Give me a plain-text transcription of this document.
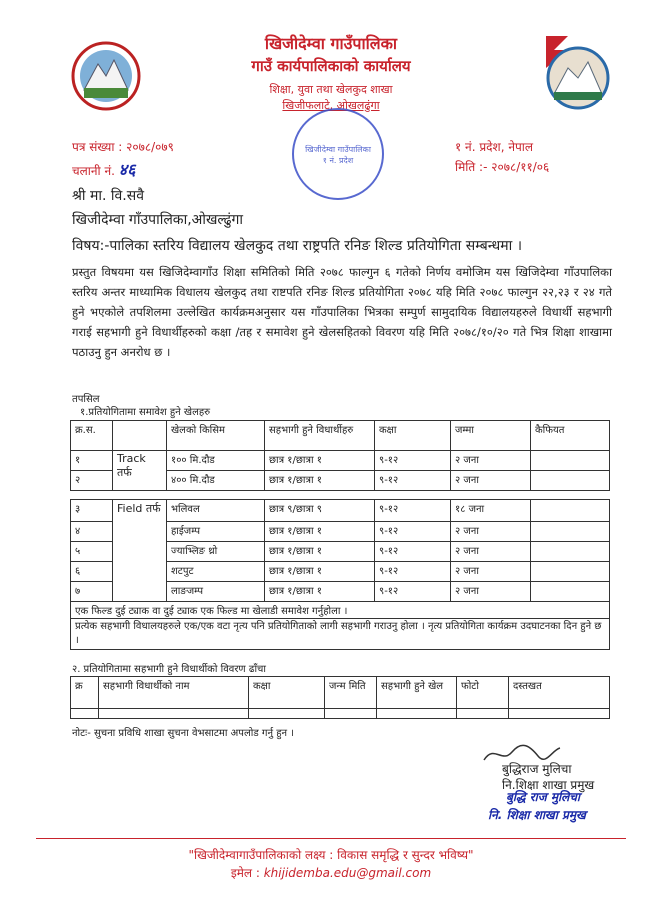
खिजीदेम्वा गाउँपालिका
गाउँ कार्यपालिकाको कार्यालय
शिक्षा, युवा तथा खेलकुद शाखा
खिजीफलाटे, ओखलढुंगा
पत्र संख्या : २०७८/०७९
चलानी नं. ४६
१ नं. प्रदेश, नेपाल
मिति :- २०७८/११/०६
खिजीदेम्वा गाउँपालिका
१ नं. प्रदेश
श्री मा. वि.सवै
खिजीदेम्वा गाँउपालिका,ओखल्ढुंगा
विषय:-पालिका स्तरिय विद्यालय खेलकुद तथा राष्ट्रपति रनिङ शिल्ड प्रतियोगिता सम्बन्धमा ।
प्रस्तुत विषयमा यस खिजिदेम्वागाँउ शिक्षा समितिको मिति २०७८ फाल्गुन ६ गतेको निर्णय वमोजिम यस खिजिदेम्वा गाँउपालिका स्तरिय अन्तर माध्यामिक विधालय खेलकुद तथा राष्टपति रनिङ शिल्ड प्रतियोगिता २०७८ यहि मिति २०७८ फाल्गुन २२,२३ र २४ गते हुने भएकोले तपशिलमा उल्लेखित कार्यक्रमअनुसार यस गाँउपालिका भित्रका सम्पुर्ण सामुदायिक विद्यालयहरुले विधार्थी सहभागी गराई सहभागी हुने विधार्थीहरुको कक्षा /तह र समावेश हुने खेलसहितको विवरण यहि मिति २०७८/१०/२० गते भित्र शिक्षा शाखामा पठाउनु हुन अनरोध छ ।
तपसिल
१.प्रतियोगितामा समावेश हुने खेलहरु
क्र.स.		खेलको किसिम	सहभागी हुने विधार्थीहरु	कक्षा	जम्मा	कैफियत
१	Track तर्फ	१०० मि.दौड	छात्र १/छात्रा १	९-१२	२ जना	
२		४०० मि.दौड	छात्र १/छात्रा १	९-१२	२ जना	

३	Field तर्फ	भलिवल	छात्र ९/छात्रा ९	९-१२	१८ जना	
४		हाईजम्प	छात्र १/छात्रा १	९-१२	२ जना	
५		ज्याभ्लिङ थ्रो	छात्र १/छात्रा १	९-१२	२ जना	
६		शटपुट	छात्र १/छात्रा १	९-१२	२ जना	
७		लाङजम्प	छात्र १/छात्रा १	९-१२	२ जना	
एक फिल्ड दुई ट्याक वा दुई ट्याक एक फिल्ड मा खेलाडी समावेश गर्नुहोला ।						
प्रत्येक सहभागी विधालयहरुले एक/एक वटा नृत्य पनि प्रतियोगिताको लागी सहभागी गराउनु होला । नृत्य प्रतियोगिता कार्यक्रम उदघाटनका दिन हुने छ ।						
२. प्रतियोगितामा सहभागी हुने विधार्थीको विवरण ढाँचा
क्र	सहभागी विधार्थीको नाम	कक्षा	जन्म मिति	सहभागी हुने खेल	फोटो	दस्तखत

नोटः- सुचना प्रविधि शाखा सुचना वेभसाटमा अपलोड गर्नु हुन ।
बुद्धिराज मुलिचा
नि.शिक्षा शाखा प्रमुख
बुद्धि राज मुलिचा
नि. शिक्षा शाखा प्रमुख
"खिजीदेम्वागाउँपालिकाको लक्ष्य : विकास समृद्धि र सुन्दर भविष्य"
इमेल : khijidemba.edu@gmail.com
